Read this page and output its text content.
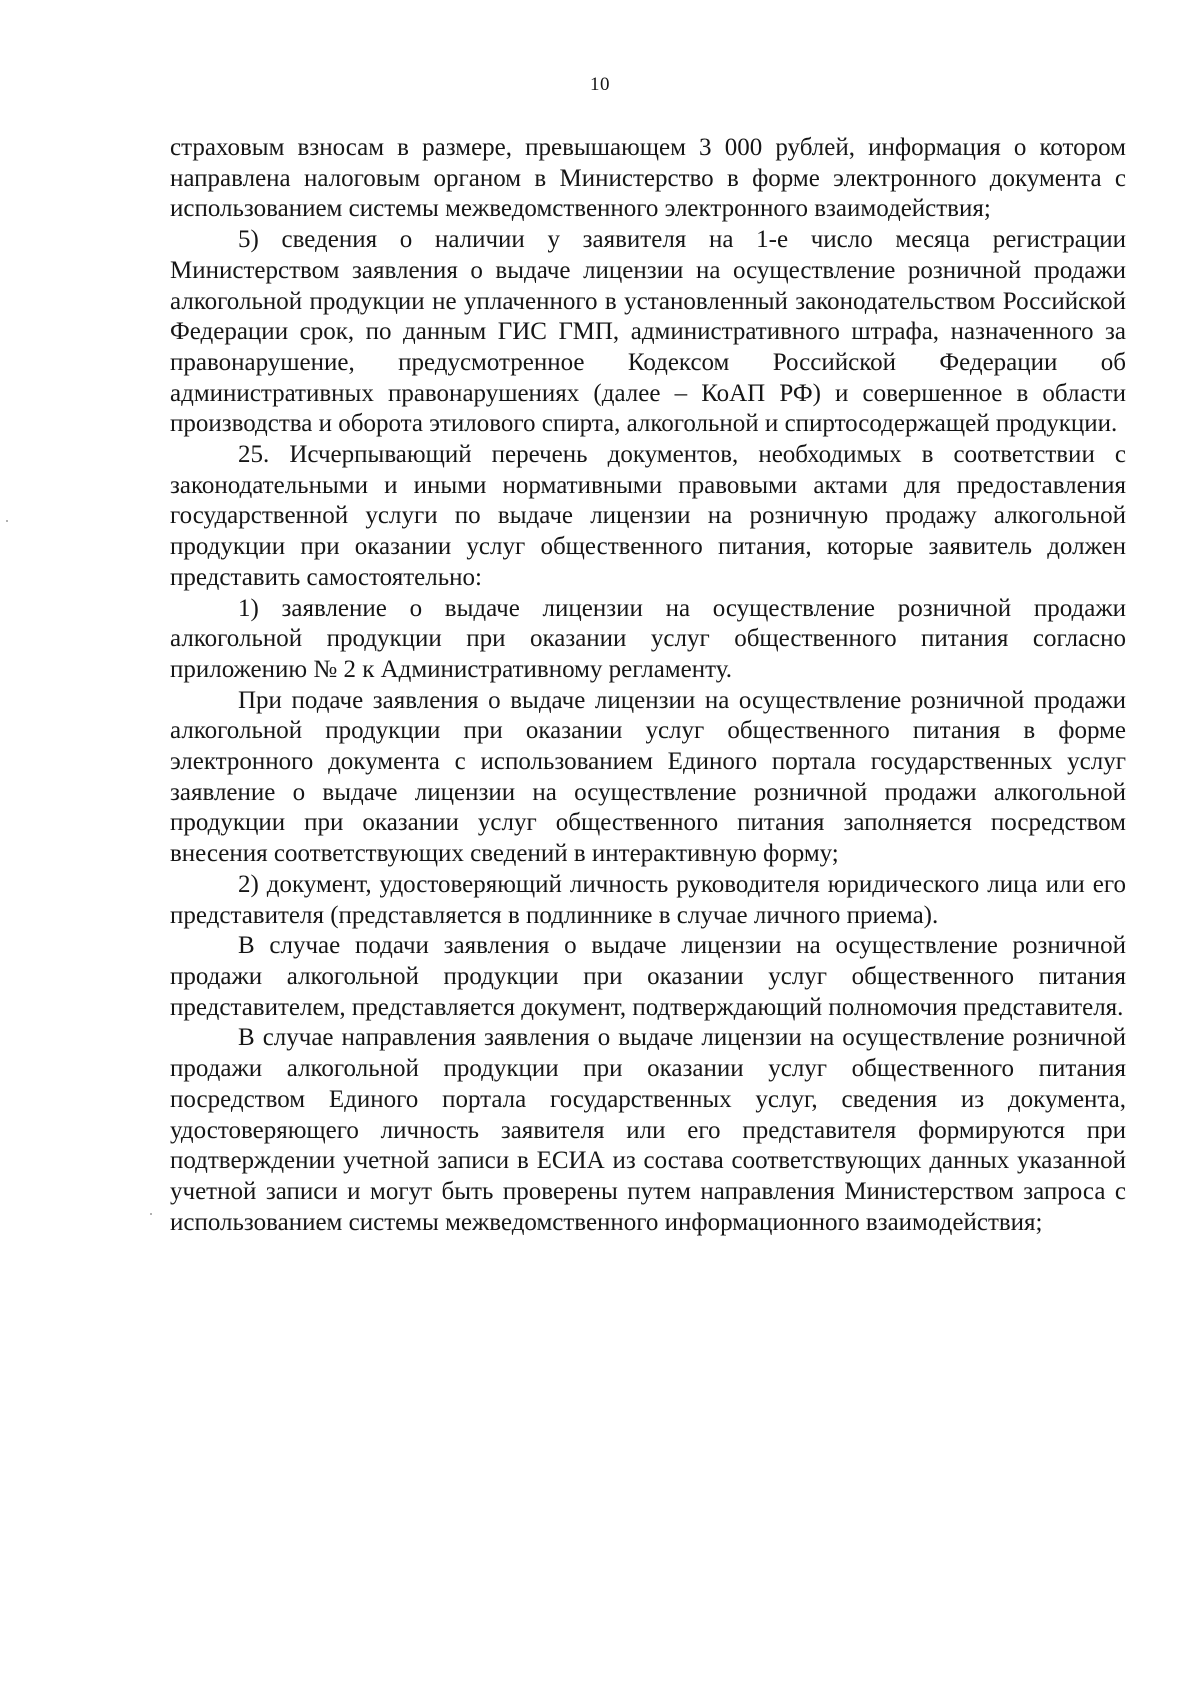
10

страховым взносам в размере, превышающем 3 000 рублей, информация о котором направлена налоговым органом в Министерство в форме электронного документа с использованием системы межведомственного электронного взаимодействия;

5) сведения о наличии у заявителя на 1-е число месяца регистрации Министерством заявления о выдаче лицензии на осуществление розничной продажи алкогольной продукции не уплаченного в установленный законодательством Российской Федерации срок, по данным ГИС ГМП, административного штрафа, назначенного за правонарушение, предусмотренное Кодексом Российской Федерации об административных правонарушениях (далее – КоАП РФ) и совершенное в области производства и оборота этилового спирта, алкогольной и спиртосодержащей продукции.

25. Исчерпывающий перечень документов, необходимых в соответствии с законодательными и иными нормативными правовыми актами для предоставления государственной услуги по выдаче лицензии на розничную продажу алкогольной продукции при оказании услуг общественного питания, которые заявитель должен представить самостоятельно:

1) заявление о выдаче лицензии на осуществление розничной продажи алкогольной продукции при оказании услуг общественного питания согласно приложению № 2 к Административному регламенту.

При подаче заявления о выдаче лицензии на осуществление розничной продажи алкогольной продукции при оказании услуг общественного питания в форме электронного документа с использованием Единого портала государственных услуг заявление о выдаче лицензии на осуществление розничной продажи алкогольной продукции при оказании услуг общественного питания заполняется посредством внесения соответствующих сведений в интерактивную форму;

2) документ, удостоверяющий личность руководителя юридического лица или его представителя (представляется в подлиннике в случае личного приема).

В случае подачи заявления о выдаче лицензии на осуществление розничной продажи алкогольной продукции при оказании услуг общественного питания представителем, представляется документ, подтверждающий полномочия представителя.

В случае направления заявления о выдаче лицензии на осуществление розничной продажи алкогольной продукции при оказании услуг общественного питания посредством Единого портала государственных услуг, сведения из документа, удостоверяющего личность заявителя или его представителя формируются при подтверждении учетной записи в ЕСИА из состава соответствующих данных указанной учетной записи и могут быть проверены путем направления Министерством запроса с использованием системы межведомственного информационного взаимодействия;
